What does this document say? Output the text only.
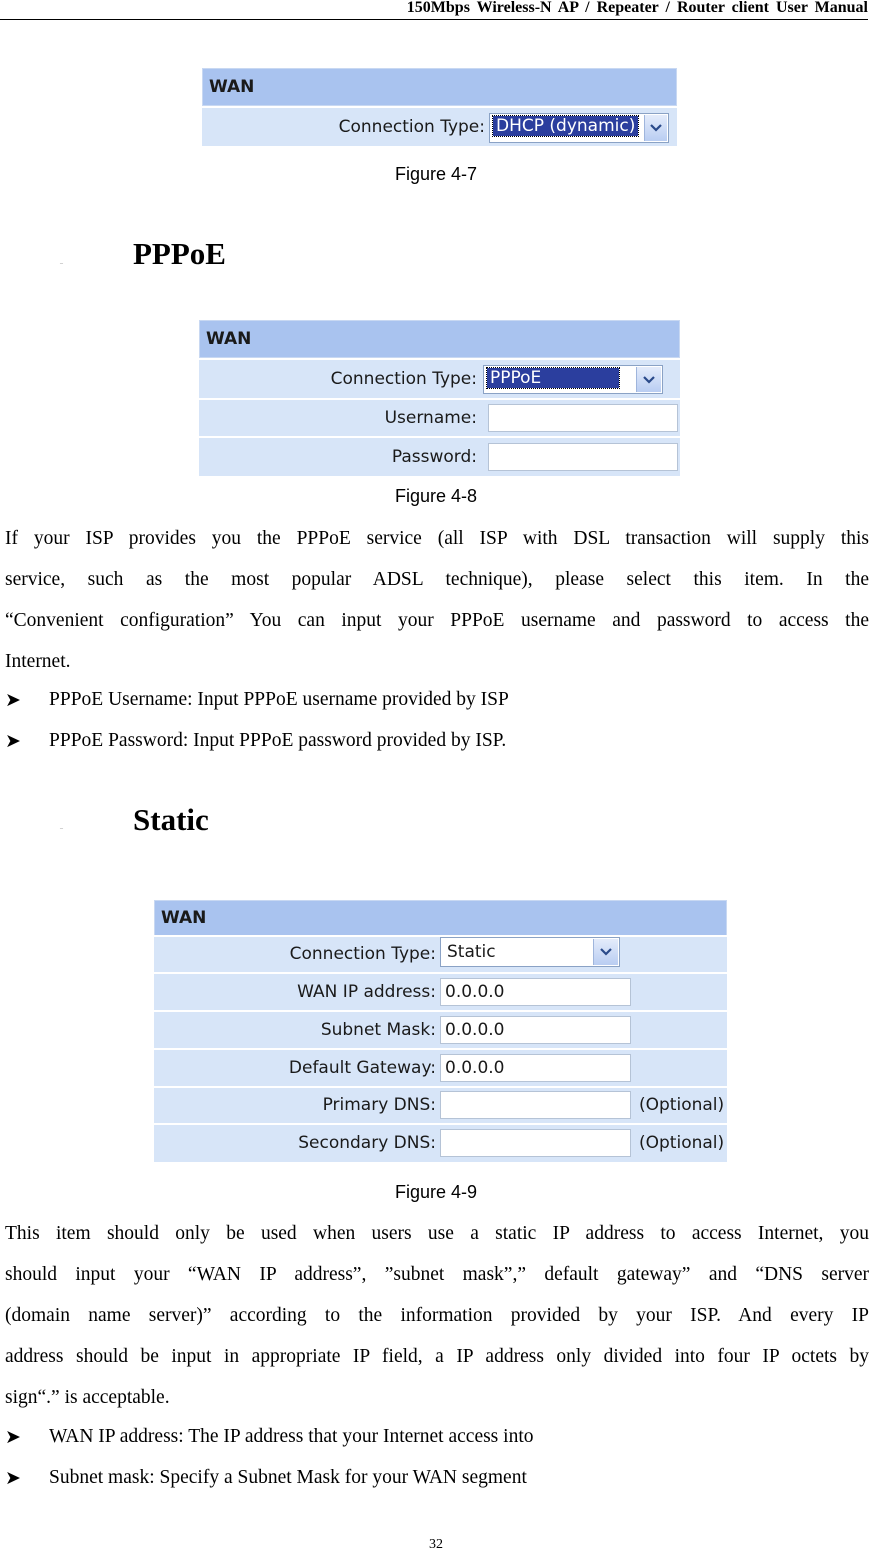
150Mbps Wireless-N AP / Repeater / Router client User Manual
WAN
Connection Type: DHCP (dynamic)
Figure 4-7
– PPPoE
WAN
Connection Type: PPPoE
Username:
Password:
Figure 4-8
If your ISP provides you the PPPoE service (all ISP with DSL transaction will supply this
service, such as the most popular ADSL technique), please select this item. In the
“Convenient configuration” You can input your PPPoE username and password to access the
Internet.
➤ PPPoE Username: Input PPPoE username provided by ISP
➤ PPPoE Password: Input PPPoE password provided by ISP.
– Static
WAN
Connection Type: Static
WAN IP address: 0.0.0.0
Subnet Mask: 0.0.0.0
Default Gateway: 0.0.0.0
Primary DNS:	(Optional)
Secondary DNS:	(Optional)
Figure 4-9
This item should only be used when users use a static IP address to access Internet, you
should input your “WAN IP address”, ”subnet mask”,” default gateway” and “DNS server
(domain name server)” according to the information provided by your ISP. And every IP
address should be input in appropriate IP field, a IP address only divided into four IP octets by
sign“.” is acceptable.
➤ WAN IP address: The IP address that your Internet access into
➤ Subnet mask: Specify a Subnet Mask for your WAN segment
32
